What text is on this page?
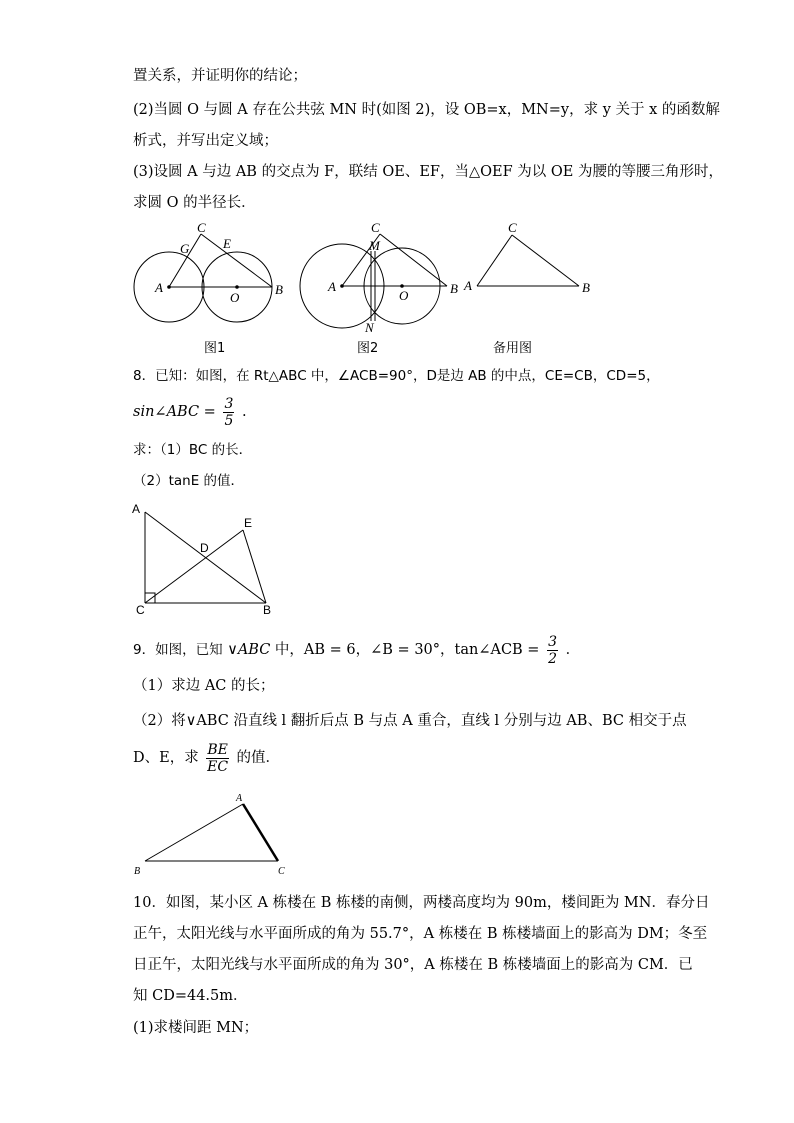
置关系，并证明你的结论；
(2)当圆 O 与圆 A 存在公共弦 MN 时(如图 2)，设 OB=x，MN=y，求 y 关于 x 的函数解
析式，并写出定义域；
(3)设圆 A 与边 AB 的交点为 F，联结 OE、EF，当△OEF 为以 OE 为腰的等腰三角形时，
求圆 O 的半径长．
C
G	E
A
O
B
图1
C
M
A
O	B
N
图2
C
A	B
备用图
8．已知：如图，在 Rt△ABC 中，∠ACB=90°，D是边 AB 的中点，CE=CB，CD=5，
sin∠ABC = $\frac{3}{5}$ .
求：（1）BC 的长．
（2）tanE 的值．
A
E
D
C	B
9．如图，已知 ∨ABC 中，AB = 6，∠B = 30°，tan∠ACB = $\frac{3}{2}$ ．
（1）求边 AC 的长；
（2）将∨ABC 沿直线 l 翻折后点 B 与点 A 重合，直线 l 分别与边 AB、BC 相交于点
D、E，求 $\frac{BE}{EC}$ 的值．
A
B	C
10．如图，某小区 A 栋楼在 B 栋楼的南侧，两楼高度均为 90m，楼间距为 MN．春分日
正午，太阳光线与水平面所成的角为 55.7°，A 栋楼在 B 栋楼墙面上的影高为 DM；冬至
日正午，太阳光线与水平面所成的角为 30°，A 栋楼在 B 栋楼墙面上的影高为 CM．已
知 CD=44.5m．
(1)求楼间距 MN；
